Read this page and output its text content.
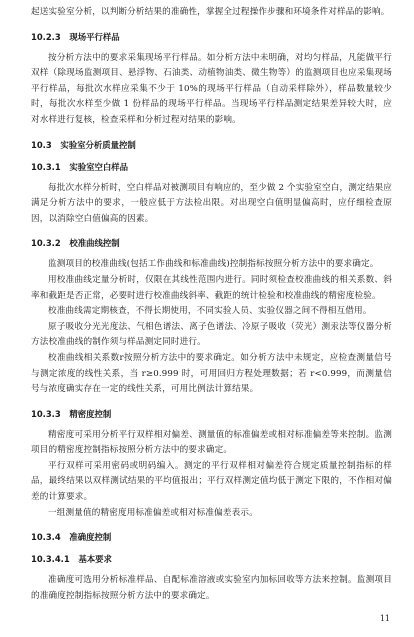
起送实验室分析，以判断分析结果的准确性，掌握全过程操作步骤和环境条件对样品的影响。

10.2.3   现场平行样品

按分析方法中的要求采集现场平行样品。如分析方法中未明确，对均匀样品，凡能做平行双样（除现场监测项目、悬浮物、石油类、动植物油类、微生物等）的监测项目也应采集现场平行样品，每批次水样应采集不少于 10%的现场平行样品（自动采样除外），样品数量较少时，每批次水样至少做 1 份样品的现场平行样品。当现场平行样品测定结果差异较大时，应对水样进行复核，检查采样和分析过程对结果的影响。

10.3   实验室分析质量控制
10.3.1   实验室空白样品

每批次水样分析时，空白样品对被测项目有响应的，至少做 2 个实验室空白，测定结果应满足分析方法中的要求，一般应低于方法检出限。对出现空白值明显偏高时，应仔细检查原因，以消除空白值偏高的因素。

10.3.2   校准曲线控制

监测项目的校准曲线(包括工作曲线和标准曲线)控制指标按照分析方法中的要求确定。

用校准曲线定量分析时，仅限在其线性范围内进行。同时须检查校准曲线的相关系数、斜率和截距是否正常，必要时进行校准曲线斜率、截距的统计检验和校准曲线的精密度检验。

校准曲线需定期核查，不得长期使用，不同实验人员、实验仪器之间不得相互借用。

原子吸收分光光度法、气相色谱法、离子色谱法、冷原子吸收（荧光）测汞法等仪器分析方法校准曲线的制作须与样品测定同时进行。

校准曲线相关系数r按照分析方法中的要求确定。如分析方法中未规定，应检查测量信号与测定浓度的线性关系，当 r≥0.999 时，可用回归方程处理数据；若 r<0.999，而测量信号与浓度确实存在一定的线性关系，可用比例法计算结果。

10.3.3   精密度控制

精密度可采用分析平行双样相对偏差、测量值的标准偏差或相对标准偏差等来控制。监测项目的精密度控制指标按照分析方法中的要求确定。

平行双样可采用密码或明码编入。测定的平行双样相对偏差符合规定质量控制指标的样品，最终结果以双样测试结果的平均值报出；平行双样测定值均低于测定下限的，不作相对偏差的计算要求。

一组测量值的精密度用标准偏差或相对标准偏差表示。

10.3.4   准确度控制
10.3.4.1   基本要求

准确度可选用分析标准样品、自配标准溶液或实验室内加标回收等方法来控制。监测项目的准确度控制指标按照分析方法中的要求确定。

11
